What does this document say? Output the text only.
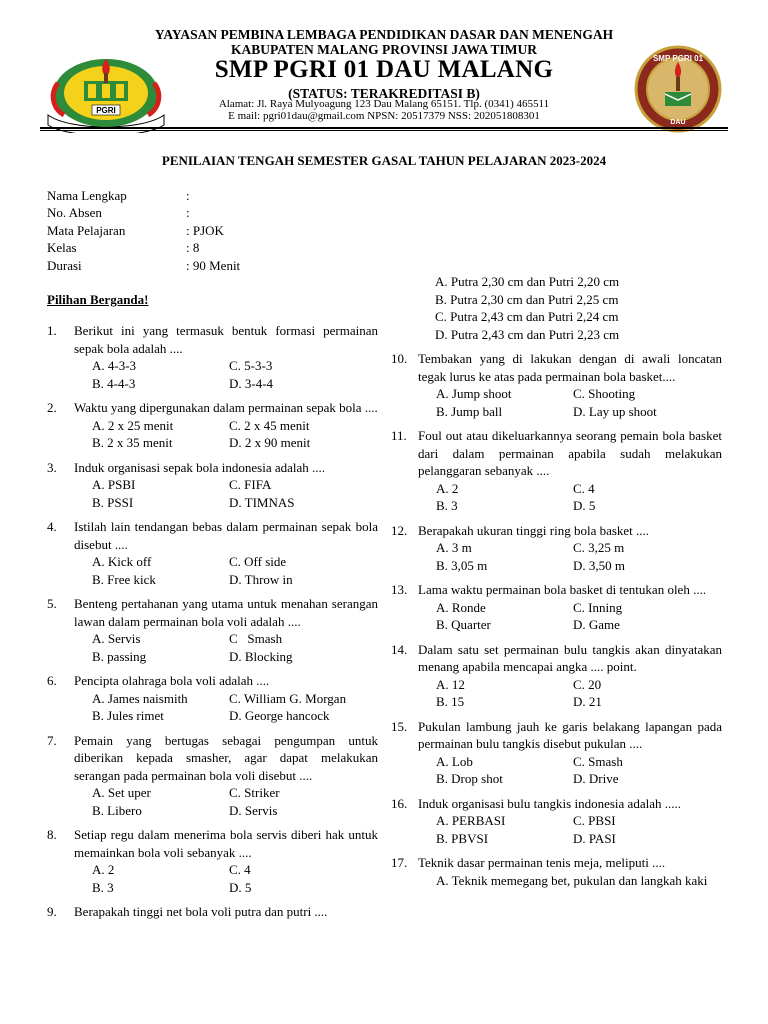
PGRI
SMP PGRI 01
DAU
YAYASAN PEMBINA LEMBAGA PENDIDIKAN DASAR DAN MENENGAH
KABUPATEN MALANG PROVINSI JAWA TIMUR
SMP PGRI 01 DAU MALANG
(STATUS: TERAKREDITASI B)
Alamat: Jl. Raya Mulyoagung 123 Dau Malang 65151. Tlp. (0341) 465511
E mail: pgri01dau@gmail.com NPSN: 20517379 NSS: 202051808301
PENILAIAN TENGAH SEMESTER GASAL TAHUN PELAJARAN 2023-2024
Nama Lengkap	:
No. Absen	:
Mata Pelajaran	: PJOK
Kelas	: 8
Durasi	: 90 Menit
Pilihan Berganda!
1. Berikut ini yang termasuk bentuk formasi permainan sepak bola adalah ....
A. 4-3-3	C. 5-3-3
B. 4-4-3	D. 3-4-4
2. Waktu yang dipergunakan dalam permainan sepak bola ....
A. 2 x 25 menit	C. 2 x 45 menit
B. 2 x 35 menit	D. 2 x 90 menit
3. Induk organisasi sepak bola indonesia adalah ....
A. PSBI	C. FIFA
B. PSSI	D. TIMNAS
4. Istilah lain tendangan bebas dalam permainan sepak bola disebut ....
A. Kick off	C. Off side
B. Free kick	D. Throw in
5. Benteng pertahanan yang utama untuk menahan serangan lawan dalam permainan bola voli adalah ....
A. Servis	C   Smash
B. passing	D. Blocking
6. Pencipta olahraga bola voli adalah ....
A. James naismith	C. William G. Morgan
B. Jules rimet	D. George hancock
7. Pemain yang bertugas sebagai pengumpan untuk diberikan kepada smasher, agar dapat melakukan serangan pada permainan bola voli disebut ....
A. Set uper	C. Striker
B. Libero	D. Servis
8. Setiap regu dalam menerima bola servis diberi hak untuk memainkan bola voli sebanyak ....
A. 2	C. 4
B. 3	D. 5
9. Berapakah tinggi net bola voli putra dan putri ....
A. Putra 2,30 cm dan Putri 2,20 cm
B. Putra 2,30 cm dan Putri 2,25 cm
C. Putra 2,43 cm dan Putri 2,24 cm
D. Putra 2,43 cm dan Putri 2,23 cm
10. Tembakan yang di lakukan dengan di awali loncatan tegak lurus ke atas pada permainan bola basket....
A. Jump shoot	C. Shooting
B. Jump ball	D. Lay up shoot
11. Foul out atau dikeluarkannya seorang pemain bola basket dari dalam permainan apabila sudah melakukan pelanggaran sebanyak ....
A. 2	C. 4
B. 3	D. 5
12. Berapakah ukuran tinggi ring bola basket ....
A. 3 m	C. 3,25 m
B. 3,05 m	D. 3,50 m
13. Lama waktu permainan bola basket di tentukan oleh ....
A. Ronde	C. Inning
B. Quarter	D. Game
14. Dalam satu set permainan bulu tangkis akan dinyatakan menang apabila mencapai angka .... point.
A. 12	C. 20
B. 15	D. 21
15. Pukulan lambung jauh ke garis belakang lapangan pada permainan bulu tangkis disebut pukulan ....
A. Lob	C. Smash
B. Drop shot	D. Drive
16. Induk organisasi bulu tangkis indonesia adalah .....
A. PERBASI	C. PBSI
B. PBVSI	D. PASI
17. Teknik dasar permainan tenis meja, meliputi ....
A. Teknik memegang bet, pukulan dan langkah kaki
